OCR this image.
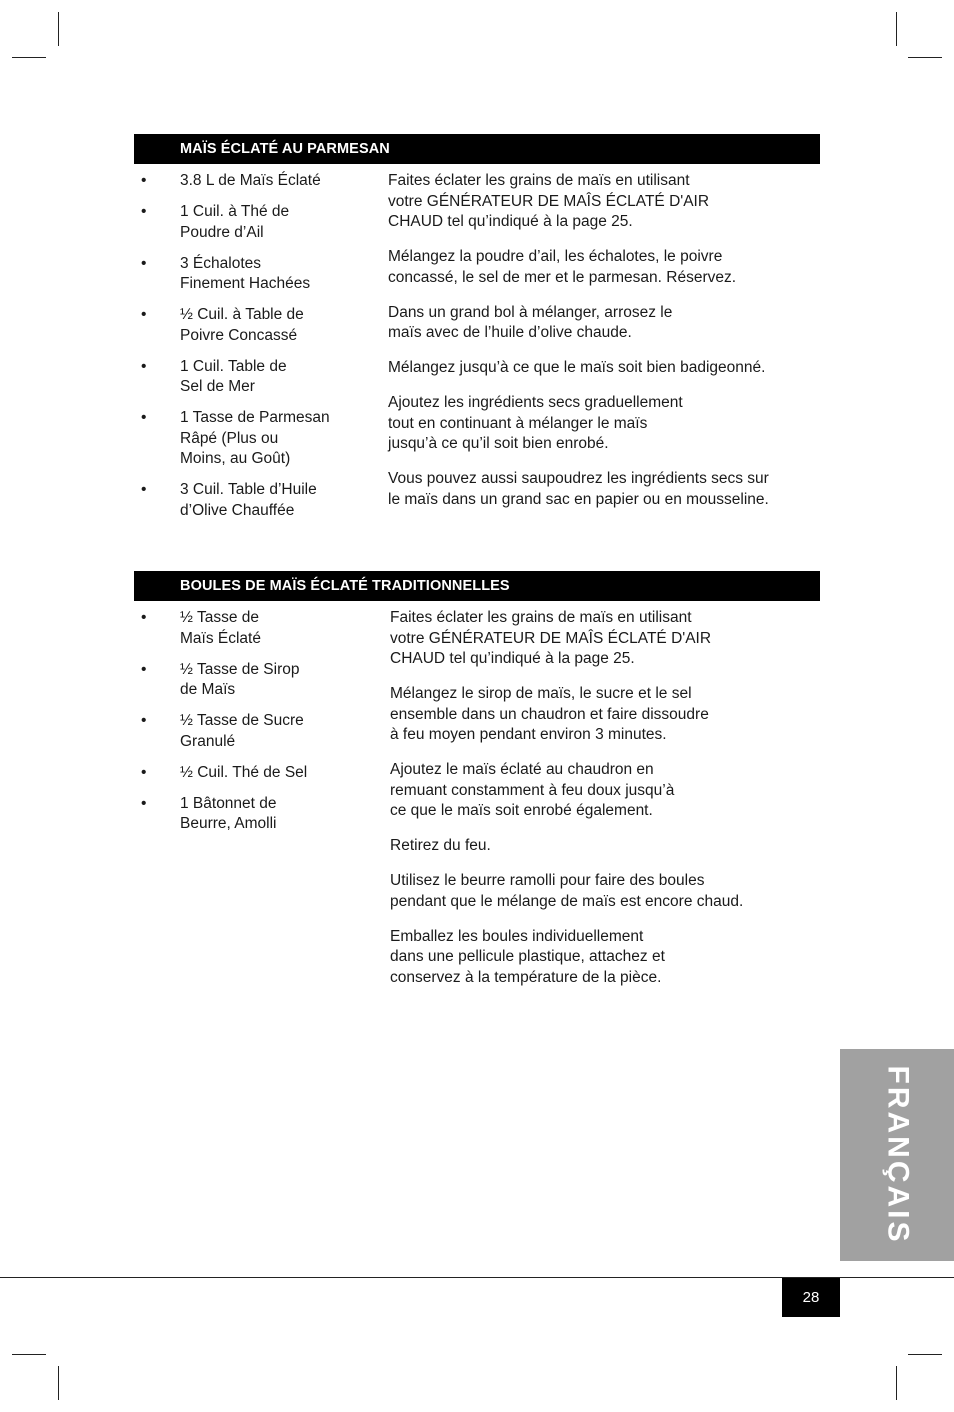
MAÏS ÉCLATÉ AU PARMESAN
• 3.8 L de Maïs Éclaté
• 1 Cuil. à Thé de
Poudre d’Ail
• 3 Échalotes
Finement Hachées
• ½ Cuil. à Table de
Poivre Concassé
• 1 Cuil. Table de
Sel de Mer
• 1 Tasse de Parmesan
Râpé (Plus ou
Moins, au Goût)
• 3 Cuil. Table d’Huile
d’Olive Chauffée

Faites éclater les grains de maïs en utilisant
votre GÉNÉRATEUR DE MAÎS ÉCLATÉ D'AIR
CHAUD tel qu’indiqué à la page 25.

Mélangez la poudre d’ail, les échalotes, le poivre
concassé, le sel de mer et le parmesan. Réservez.

Dans un grand bol à mélanger, arrosez le
maïs avec de l’huile d’olive chaude.

Mélangez jusqu’à ce que le maïs soit bien badigeonné.

Ajoutez les ingrédients secs graduellement
tout en continuant à mélanger le maïs
jusqu’à ce qu’il soit bien enrobé.

Vous pouvez aussi saupoudrez les ingrédients secs sur
le maïs dans un grand sac en papier ou en mousseline.

BOULES DE MAÏS ÉCLATÉ TRADITIONNELLES
• ½ Tasse de
Maïs Éclaté
• ½ Tasse de Sirop
de Maïs
• ½ Tasse de Sucre
Granulé
• ½ Cuil. Thé de Sel
• 1 Bâtonnet de
Beurre, Amolli

Faites éclater les grains de maïs en utilisant
votre GÉNÉRATEUR DE MAÎS ÉCLATÉ D'AIR
CHAUD tel qu’indiqué à la page 25.

Mélangez le sirop de maïs, le sucre et le sel
ensemble dans un chaudron et faire dissoudre
à feu moyen pendant environ 3 minutes.

Ajoutez le maïs éclaté au chaudron en
remuant constamment à feu doux jusqu’à
ce que le maïs soit enrobé également.

Retirez du feu.

Utilisez le beurre ramolli pour faire des boules
pendant que le mélange de maïs est encore chaud.

Emballez les boules individuellement
dans une pellicule plastique, attachez et
conservez à la température de la pièce.

FRANÇAIS
28
